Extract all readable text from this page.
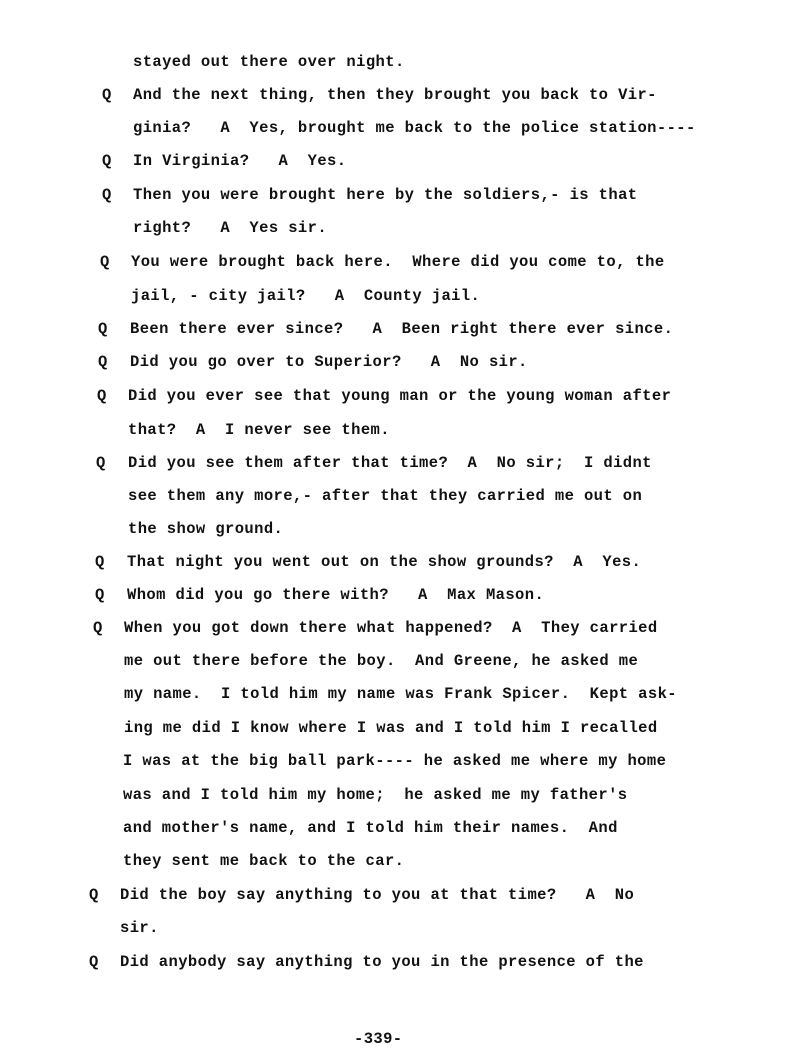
stayed out there over night.
Q And the next thing, then they brought you back to Vir-
ginia?   A  Yes, brought me back to the police station----
Q In Virginia?   A  Yes.
Q Then you were brought here by the soldiers,- is that
right?   A  Yes sir.
Q You were brought back here.  Where did you come to, the
jail, - city jail?   A  County jail.
Q Been there ever since?   A  Been right there ever since.
Q Did you go over to Superior?   A  No sir.
Q Did you ever see that young man or the young woman after
that?  A  I never see them.
Q Did you see them after that time?  A  No sir;  I didnt
see them any more,- after that they carried me out on
the show ground.
Q That night you went out on the show grounds?  A  Yes.
Q Whom did you go there with?   A  Max Mason.
Q When you got down there what happened?  A  They carried
me out there before the boy.  And Greene, he asked me
my name.  I told him my name was Frank Spicer.  Kept ask-
ing me did I know where I was and I told him I recalled
I was at the big ball park---- he asked me where my home
was and I told him my home;  he asked me my father's
and mother's name, and I told him their names.  And
they sent me back to the car.
Q Did the boy say anything to you at that time?   A  No
sir.
Q Did anybody say anything to you in the presence of the
-339-
